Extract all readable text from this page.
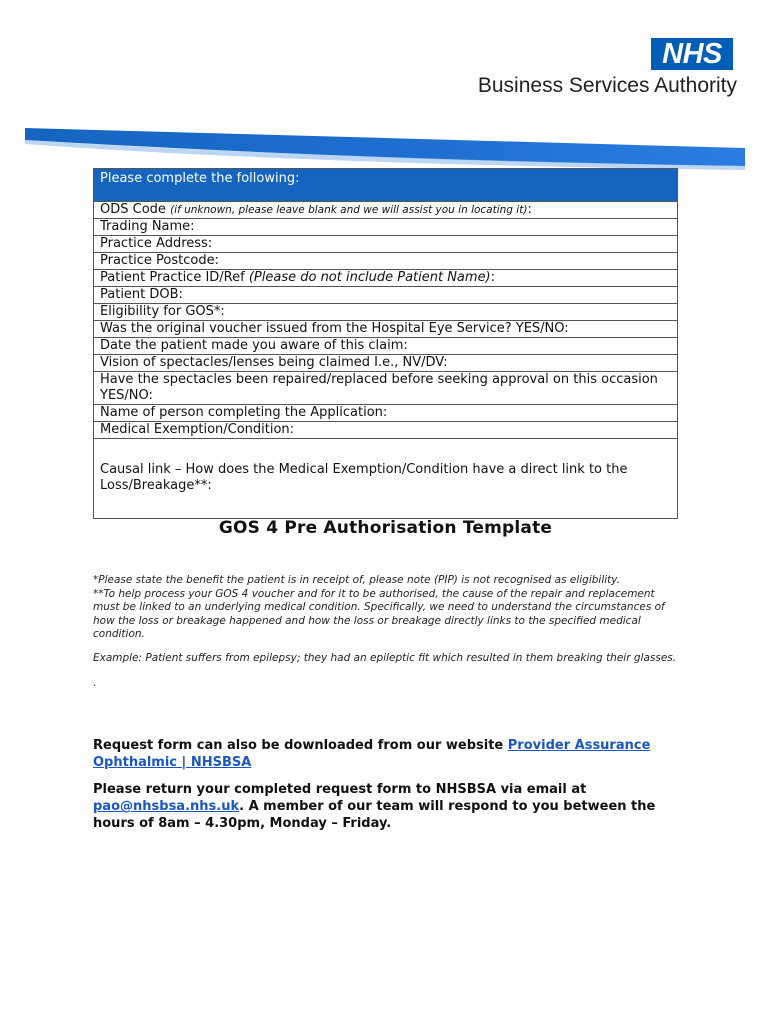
NHS
Business Services Authority
Please complete the following:
ODS Code (if unknown, please leave blank and we will assist you in locating it):
Trading Name:
Practice Address:
Practice Postcode:
Patient Practice ID/Ref (Please do not include Patient Name):
Patient DOB:
Eligibility for GOS*:
Was the original voucher issued from the Hospital Eye Service? YES/NO:
Date the patient made you aware of this claim:
Vision of spectacles/lenses being claimed I.e., NV/DV:
Have the spectacles been repaired/replaced before seeking approval on this occasion YES/NO:
Name of person completing the Application:
Medical Exemption/Condition:
Causal link – How does the Medical Exemption/Condition have a direct link to the Loss/Breakage**:
GOS 4 Pre Authorisation Template

*Please state the benefit the patient is in receipt of, please note (PIP) is not recognised as eligibility.

**To help process your GOS 4 voucher and for it to be authorised, the cause of the repair and replacement must be linked to an underlying medical condition. Specifically, we need to understand the circumstances of how the loss or breakage happened and how the loss or breakage directly links to the specified medical condition.

Example: Patient suffers from epilepsy; they had an epileptic fit which resulted in them breaking their glasses.

.

Request form can also be downloaded from our website Provider Assurance Ophthalmic | NHSBSA

Please return your completed request form to NHSBSA via email at pao@nhsbsa.nhs.uk. A member of our team will respond to you between the hours of 8am – 4.30pm, Monday – Friday.
